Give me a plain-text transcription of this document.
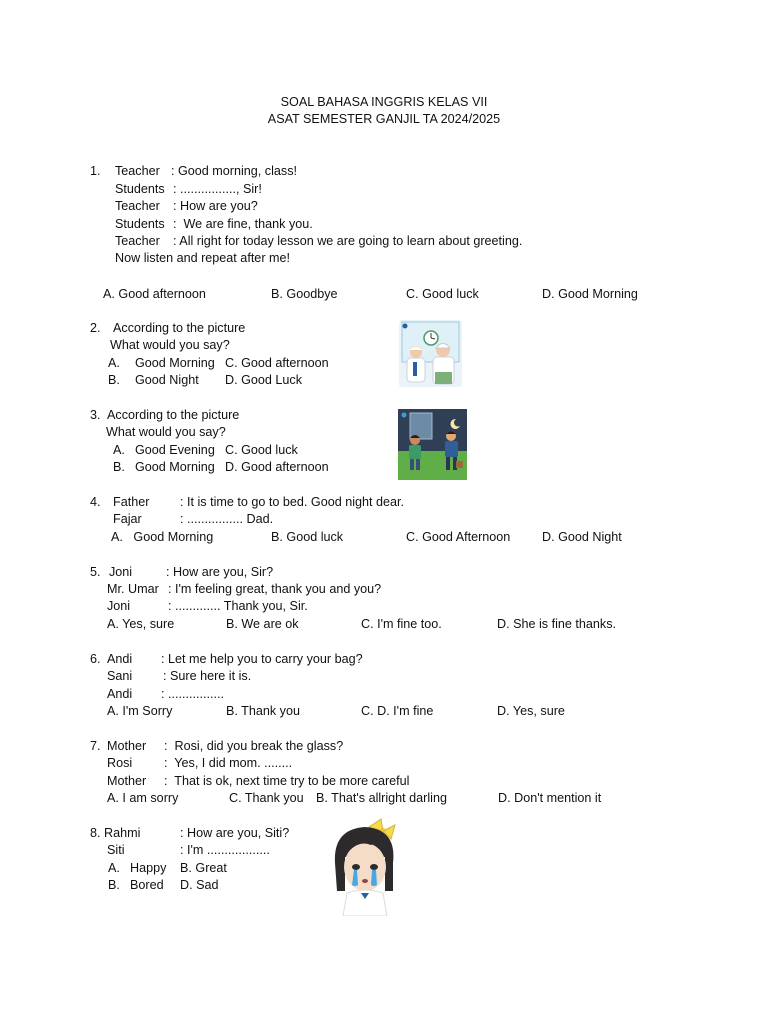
SOAL BAHASA INGGRIS KELAS VII
ASAT SEMESTER GANJIL TA 2024/2025
1. Teacher : Good morning, class!
Students : ................, Sir!
Teacher : How are you?
Students :  We are fine, thank you.
Teacher : All right for today lesson we are going to learn about greeting.
Now listen and repeat after me!
A. Good afternoon	B. Goodbye	C. Good luck	D. Good Morning
2. According to the picture
What would you say?
A. Good Morning C. Good afternoon
B. Good Night D. Good Luck
3. According to the picture
What would you say?
A. Good Evening C. Good luck
B. Good Morning D. Good afternoon
4. Father : It is time to go to bed. Good night dear.
Fajar	: ................ Dad.
A.   Good Morning	B. Good luck	C. Good Afternoon	D. Good Night
5. Joni	: How are you, Sir?
Mr. Umar : I'm feeling great, thank you and you?
Joni	: ............. Thank you, Sir.
A. Yes, sure	B. We are ok	C. I'm fine too.	D. She is fine thanks.
6. Andi : Let me help you to carry your bag?
Sani : Sure here it is.
Andi : ................
A. I'm Sorry	B. Thank you	C. D. I'm fine	D. Yes, sure
7. Mother :  Rosi, did you break the glass?
Rosi	:  Yes, I did mom. ........
Mother :  That is ok, next time try to be more careful
A. I am sorry	C. Thank you B. That's allright darling	D. Don't mention it
8. Rahmi	: How are you, Siti?
Siti	: I'm ..................
A. Happy B. Great
B. Bored D. Sad
